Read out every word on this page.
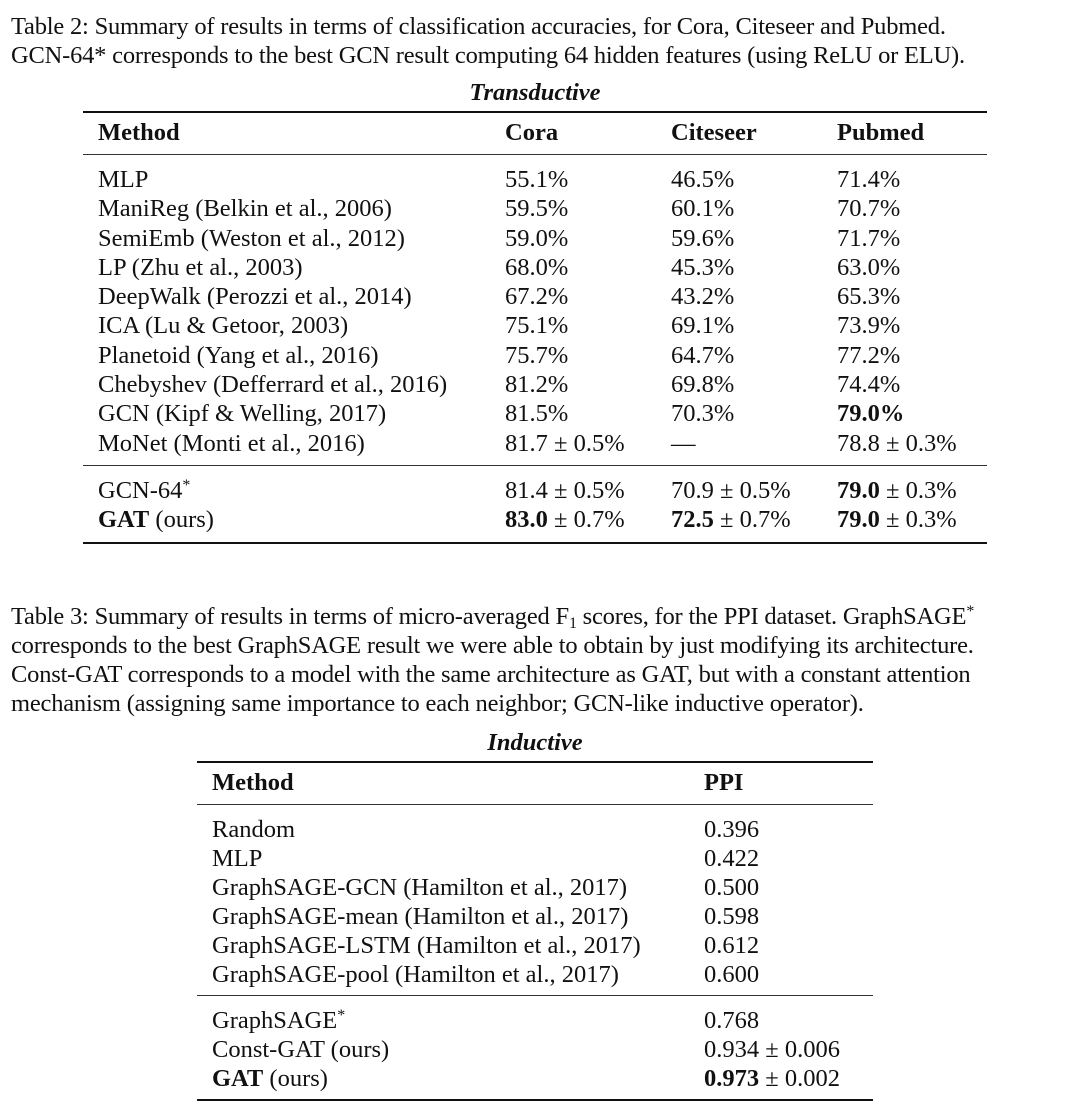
Table 2: Summary of results in terms of classification accuracies, for Cora, Citeseer and Pubmed.
GCN-64* corresponds to the best GCN result computing 64 hidden features (using ReLU or ELU).
Transductive
Method	Cora	Citeseer	Pubmed
MLP	55.1%	46.5%	71.4%
ManiReg (Belkin et al., 2006)	59.5%	60.1%	70.7%
SemiEmb (Weston et al., 2012)	59.0%	59.6%	71.7%
LP (Zhu et al., 2003)	68.0%	45.3%	63.0%
DeepWalk (Perozzi et al., 2014)	67.2%	43.2%	65.3%
ICA (Lu & Getoor, 2003)	75.1%	69.1%	73.9%
Planetoid (Yang et al., 2016)	75.7%	64.7%	77.2%
Chebyshev (Defferrard et al., 2016)	81.2%	69.8%	74.4%
GCN (Kipf & Welling, 2017)	81.5%	70.3%	79.0%
MoNet (Monti et al., 2016)	81.7 ± 0.5%	—	78.8 ± 0.3%
GCN-64*	81.4 ± 0.5%	70.9 ± 0.5%	79.0 ± 0.3%
GAT (ours)	83.0 ± 0.7%	72.5 ± 0.7%	79.0 ± 0.3%
Table 3: Summary of results in terms of micro-averaged $F_1$ scores, for the PPI dataset. GraphSAGE*
corresponds to the best GraphSAGE result we were able to obtain by just modifying its architecture.
Const-GAT corresponds to a model with the same architecture as GAT, but with a constant attention
mechanism (assigning same importance to each neighbor; GCN-like inductive operator).
Inductive
Method	PPI
Random	0.396
MLP	0.422
GraphSAGE-GCN (Hamilton et al., 2017)	0.500
GraphSAGE-mean (Hamilton et al., 2017)	0.598
GraphSAGE-LSTM (Hamilton et al., 2017)	0.612
GraphSAGE-pool (Hamilton et al., 2017)	0.600
GraphSAGE*	0.768
Const-GAT (ours)	0.934 ± 0.006
GAT (ours)	0.973 ± 0.002
